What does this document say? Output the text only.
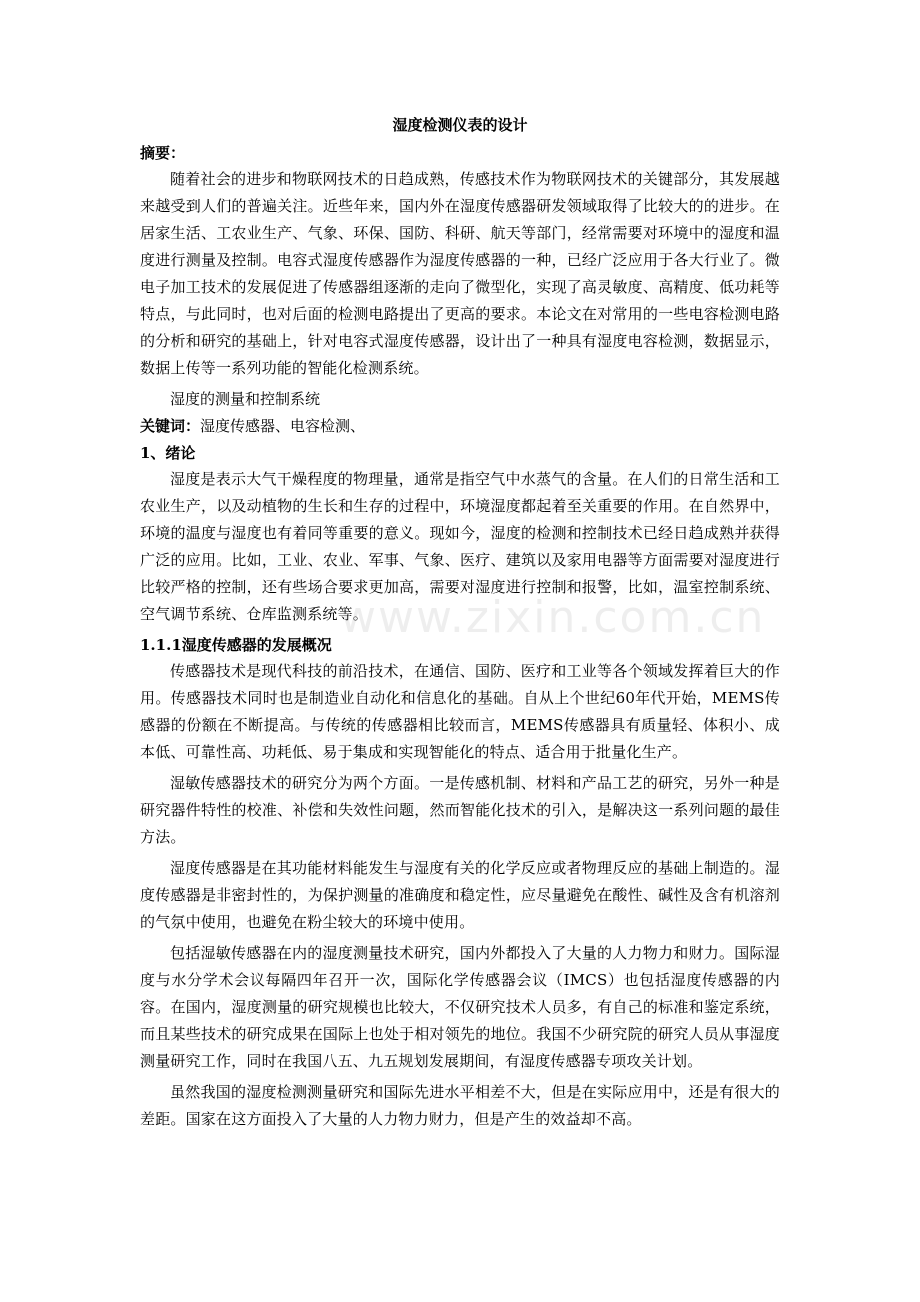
湿度检测仪表的设计
摘要：

随着社会的进步和物联网技术的日趋成熟，传感技术作为物联网技术的关键部分，其发展越来越受到人们的普遍关注。近些年来，国内外在湿度传感器研发领域取得了比较大的的进步。在居家生活、工农业生产、气象、环保、国防、科研、航天等部门，经常需要对环境中的湿度和温度进行测量及控制。电容式湿度传感器作为湿度传感器的一种，已经广泛应用于各大行业了。微电子加工技术的发展促进了传感器组逐渐的走向了微型化，实现了高灵敏度、高精度、低功耗等特点，与此同时，也对后面的检测电路提出了更高的要求。本论文在对常用的一些电容检测电路的分析和研究的基础上，针对电容式湿度传感器，设计出了一种具有湿度电容检测，数据显示，数据上传等一系列功能的智能化检测系统。

湿度的测量和控制系统

关键词：湿度传感器、电容检测、

1、绪论

湿度是表示大气干燥程度的物理量，通常是指空气中水蒸气的含量。在人们的日常生活和工农业生产，以及动植物的生长和生存的过程中，环境湿度都起着至关重要的作用。在自然界中，环境的温度与湿度也有着同等重要的意义。现如今，湿度的检测和控制技术已经日趋成熟并获得广泛的应用。比如，工业、农业、军事、气象、医疗、建筑以及家用电器等方面需要对湿度进行比较严格的控制，还有些场合要求更加高，需要对湿度进行控制和报警，比如，温室控制系统、空气调节系统、仓库监测系统等。

1.1.1湿度传感器的发展概况

传感器技术是现代科技的前沿技术，在通信、国防、医疗和工业等各个领域发挥着巨大的作用。传感器技术同时也是制造业自动化和信息化的基础。自从上个世纪60年代开始，MEMS传感器的份额在不断提高。与传统的传感器相比较而言，MEMS传感器具有质量轻、体积小、成本低、可靠性高、功耗低、易于集成和实现智能化的特点、适合用于批量化生产。

湿敏传感器技术的研究分为两个方面。一是传感机制、材料和产品工艺的研究，另外一种是研究器件特性的校准、补偿和失效性问题，然而智能化技术的引入，是解决这一系列问题的最佳方法。

湿度传感器是在其功能材料能发生与湿度有关的化学反应或者物理反应的基础上制造的。湿度传感器是非密封性的，为保护测量的准确度和稳定性，应尽量避免在酸性、碱性及含有机溶剂的气氛中使用，也避免在粉尘较大的环境中使用。

包括湿敏传感器在内的湿度测量技术研究，国内外都投入了大量的人力物力和财力。国际湿度与水分学术会议每隔四年召开一次，国际化学传感器会议（IMCS）也包括湿度传感器的内容。在国内，湿度测量的研究规模也比较大，不仅研究技术人员多，有自己的标准和鉴定系统，而且某些技术的研究成果在国际上也处于相对领先的地位。我国不少研究院的研究人员从事湿度测量研究工作，同时在我国八五、九五规划发展期间，有湿度传感器专项攻关计划。

虽然我国的湿度检测测量研究和国际先进水平相差不大，但是在实际应用中，还是有很大的差距。国家在这方面投入了大量的人力物力财力，但是产生的效益却不高。

www.zixin.com.cn
